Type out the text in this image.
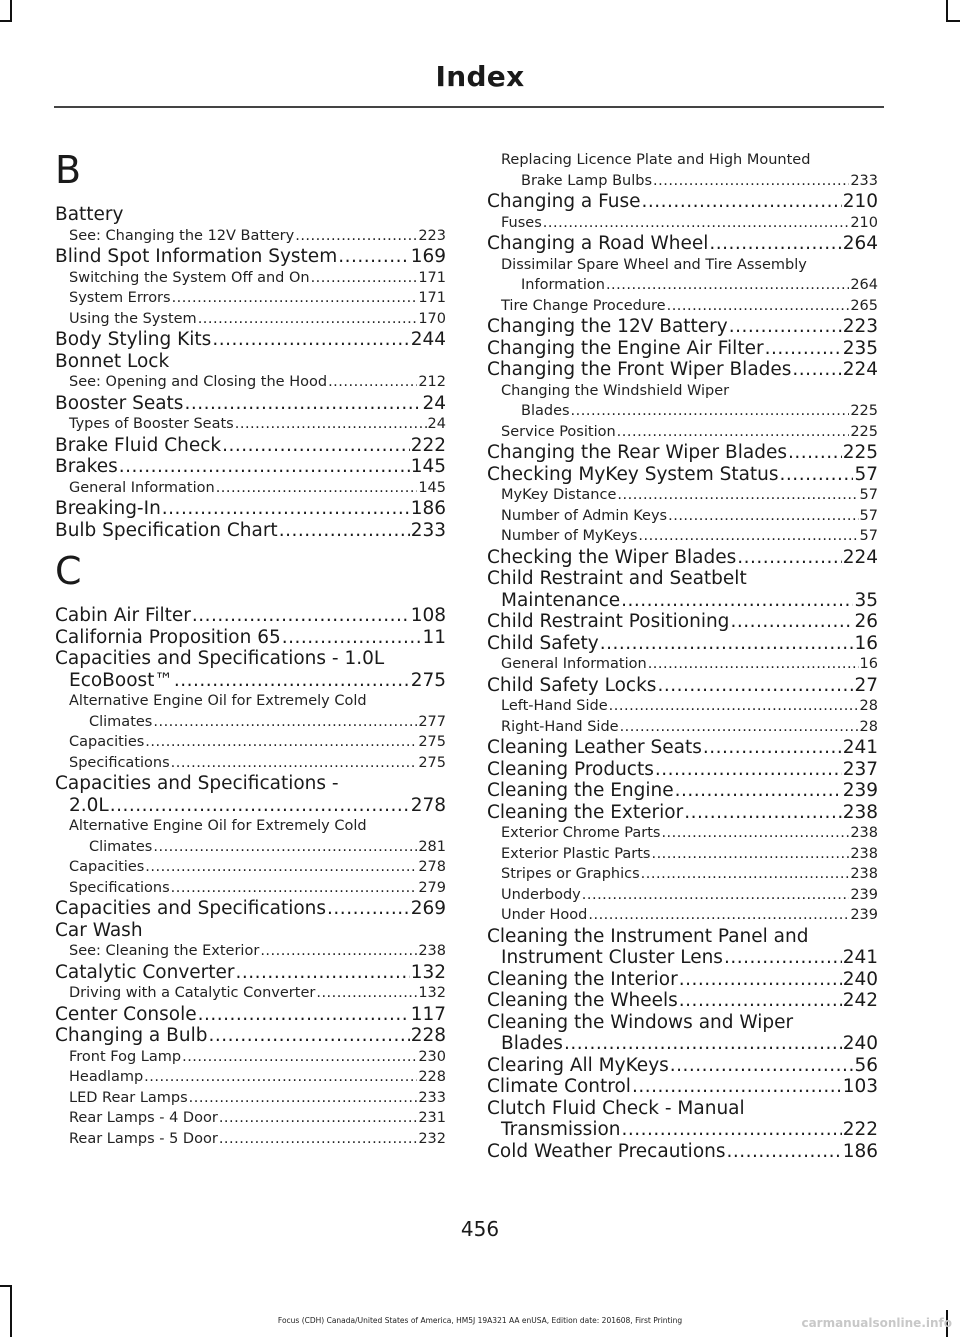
Index
B
Battery
See: Changing the 12V Battery .....	223
Blind Spot Information System .....	169
Switching the System Off and On .....	171
System Errors .....	171
Using the System .....	170
Body Styling Kits .....	244
Bonnet Lock
See: Opening and Closing the Hood .....	212
Booster Seats .....	24
Types of Booster Seats .....	24
Brake Fluid Check .....	222
Brakes .....	145
General Information .....	145
Breaking-In .....	186
Bulb Specification Chart .....	233
C
Cabin Air Filter .....	108
California Proposition 65 .....	11
Capacities and Specifications - 1.0L
EcoBoost™ .....	275
Alternative Engine Oil for Extremely Cold
Climates .....	277
Capacities .....	275
Specifications .....	275
Capacities and Specifications -
2.0L .....	278
Alternative Engine Oil for Extremely Cold
Climates .....	281
Capacities .....	278
Specifications .....	279
Capacities and Specifications .....	269
Car Wash
See: Cleaning the Exterior .....	238
Catalytic Converter .....	132
Driving with a Catalytic Converter .....	132
Center Console .....	117
Changing a Bulb .....	228
Front Fog Lamp .....	230
Headlamp .....	228
LED Rear Lamps .....	233
Rear Lamps - 4 Door .....	231
Rear Lamps - 5 Door .....	232
Replacing Licence Plate and High Mounted
Brake Lamp Bulbs .....	233
Changing a Fuse .....	210
Fuses .....	210
Changing a Road Wheel .....	264
Dissimilar Spare Wheel and Tire Assembly
Information .....	264
Tire Change Procedure .....	265
Changing the 12V Battery .....	223
Changing the Engine Air Filter .....	235
Changing the Front Wiper Blades .....	224
Changing the Windshield Wiper
Blades .....	225
Service Position .....	225
Changing the Rear Wiper Blades .....	225
Checking MyKey System Status .....	57
MyKey Distance .....	57
Number of Admin Keys .....	57
Number of MyKeys .....	57
Checking the Wiper Blades .....	224
Child Restraint and Seatbelt
Maintenance .....	35
Child Restraint Positioning .....	26
Child Safety .....	16
General Information .....	16
Child Safety Locks .....	27
Left-Hand Side .....	28
Right-Hand Side .....	28
Cleaning Leather Seats .....	241
Cleaning Products .....	237
Cleaning the Engine .....	239
Cleaning the Exterior .....	238
Exterior Chrome Parts .....	238
Exterior Plastic Parts .....	238
Stripes or Graphics .....	238
Underbody .....	239
Under Hood .....	239
Cleaning the Instrument Panel and
Instrument Cluster Lens .....	241
Cleaning the Interior .....	240
Cleaning the Wheels .....	242
Cleaning the Windows and Wiper
Blades .....	240
Clearing All MyKeys .....	56
Climate Control .....	103
Clutch Fluid Check - Manual
Transmission .....	222
Cold Weather Precautions .....	186
456
Focus (CDH) Canada/United States of America, HM5J 19A321 AA enUSA, Edition date: 201608, First Printing	carmanualsonline.info
